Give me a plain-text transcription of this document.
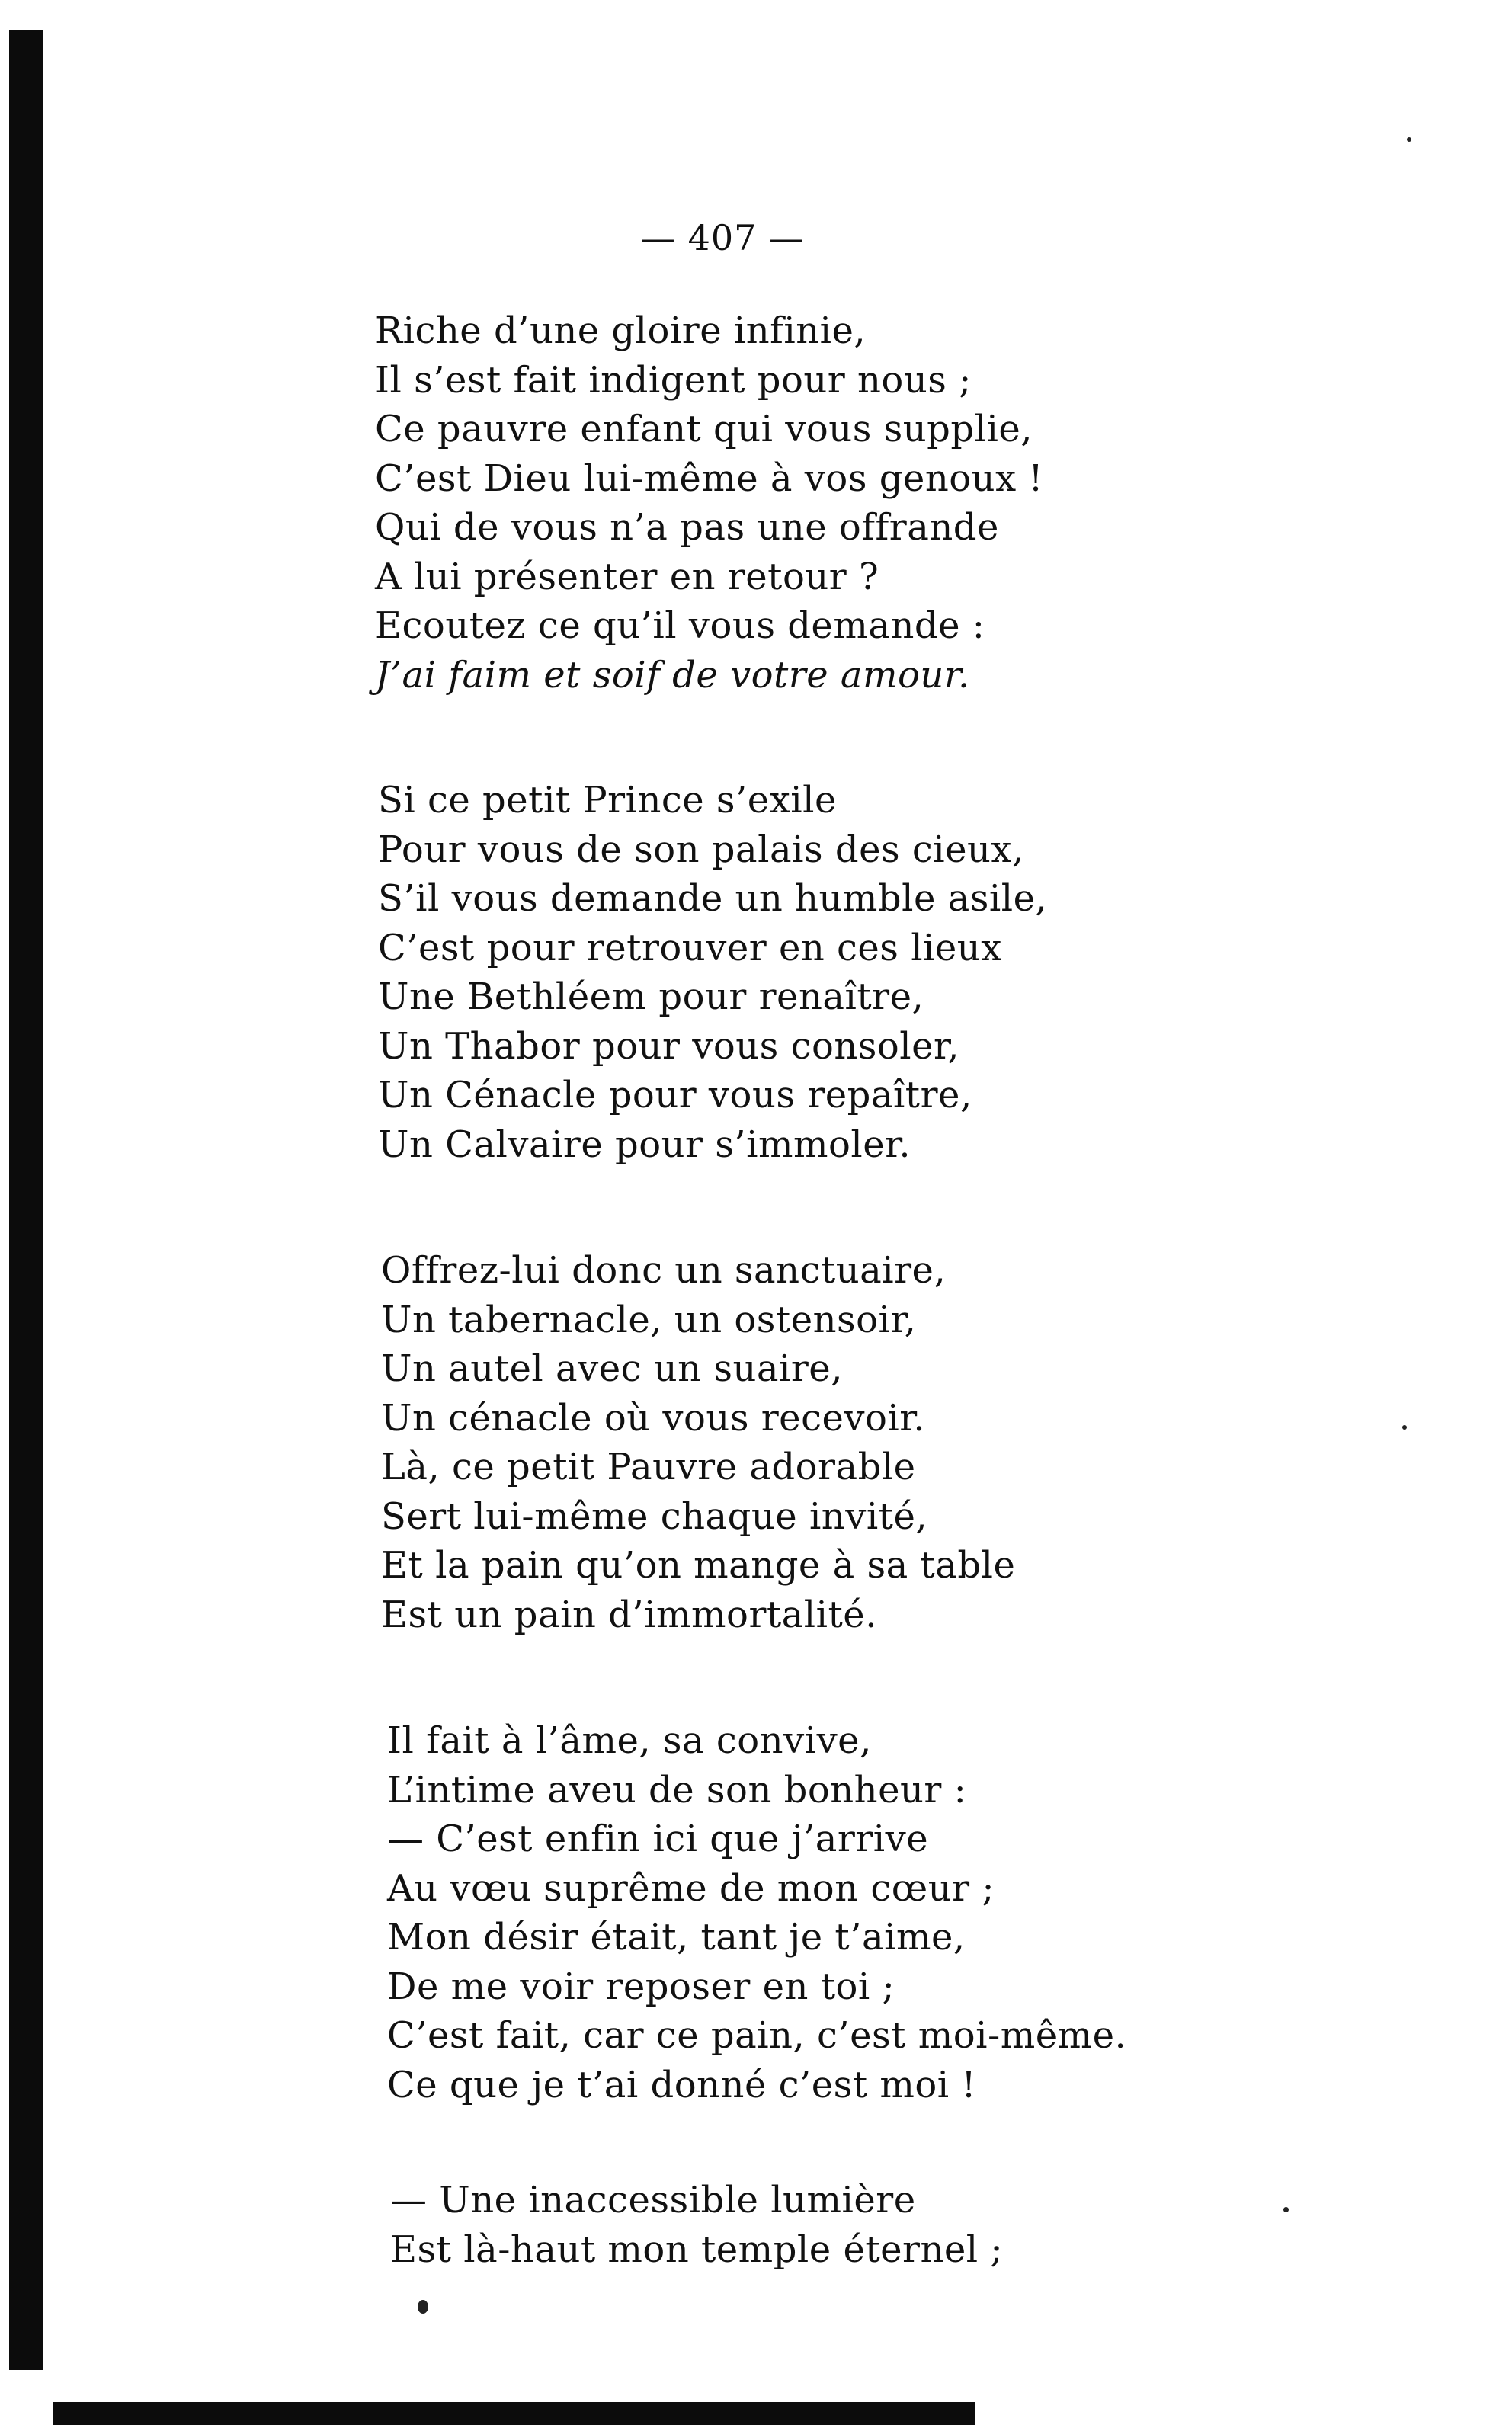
— 407 —
Riche d’une gloire infinie,
Il s’est fait indigent pour nous ;
Ce pauvre enfant qui vous supplie,
C’est Dieu lui-même à vos genoux !
Qui de vous n’a pas une offrande
A lui présenter en retour ?
Ecoutez ce qu’il vous demande :
J’ai faim et soif de votre amour.
Si ce petit Prince s’exile
Pour vous de son palais des cieux,
S’il vous demande un humble asile,
C’est pour retrouver en ces lieux
Une Bethléem pour renaître,
Un Thabor pour vous consoler,
Un Cénacle pour vous repaître,
Un Calvaire pour s’immoler.
Offrez-lui donc un sanctuaire,
Un tabernacle, un ostensoir,
Un autel avec un suaire,
Un cénacle où vous recevoir.
Là, ce petit Pauvre adorable
Sert lui-même chaque invité,
Et la pain qu’on mange à sa table
Est un pain d’immortalité.
Il fait à l’âme, sa convive,
L’intime aveu de son bonheur :
— C’est enfin ici que j’arrive
Au vœu suprême de mon cœur ;
Mon désir était, tant je t’aime,
De me voir reposer en toi ;
C’est fait, car ce pain, c’est moi-même.
Ce que je t’ai donné c’est moi !
— Une inaccessible lumière
Est là-haut mon temple éternel ;
